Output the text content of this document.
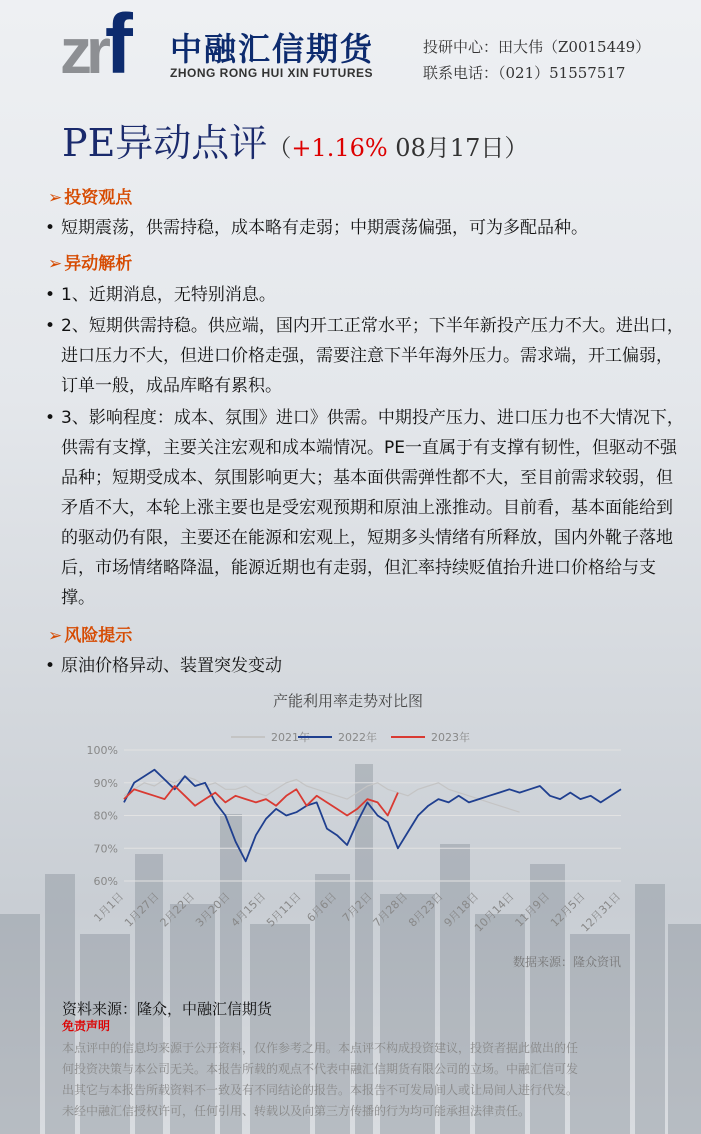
zrf 中融汇信期货
ZHONG RONG HUI XIN FUTURES
投研中心：田大伟（Z0015449）
联系电话：（021）51557517
PE异动点评（+1.16% 08月17日）
➢ 投资观点
• 短期震荡，供需持稳，成本略有走弱；中期震荡偏强，可为多配品种。
➢ 异动解析
• 1、近期消息，无特别消息。
• 2、短期供需持稳。供应端，国内开工正常水平；下半年新投产压力不大。进出口，进口压力不大，但进口价格走强，需要注意下半年海外压力。需求端，开工偏弱，订单一般，成品库略有累积。
• 3、影响程度：成本、氛围》进口》供需。中期投产压力、进口压力也不大情况下，供需有支撑，主要关注宏观和成本端情况。PE一直属于有支撑有韧性，但驱动不强品种；短期受成本、氛围影响更大；基本面供需弹性都不大，至目前需求较弱，但矛盾不大，本轮上涨主要也是受宏观预期和原油上涨推动。目前看，基本面能给到的驱动仍有限，主要还在能源和宏观上，短期多头情绪有所释放，国内外靴子落地后，市场情绪略降温，能源近期也有走弱，但汇率持续贬值抬升进口价格给与支撑。
➢ 风险提示
• 原油价格异动、装置突发变动
产能利用率走势对比图
2021年	2022年	2023年
100%
90%
80%
70%
60%
1月1日
1月27日
2月22日
3月20日
4月15日
5月11日 6月6日 7月2日
7月28日
8月23日
9月18日
10月14日
11月9日
12月5日
12月31日
数据来源：隆众资讯
资料来源：隆众，中融汇信期货
免责声明
本点评中的信息均来源于公开资料，仅作参考之用。本点评不构成投资建议，投资者据此做出的任
何投资决策与本公司无关。本报告所载的观点不代表中融汇信期货有限公司的立场。中融汇信可发
出其它与本报告所载资料不一致及有不同结论的报告。本报告不可发局间人或让局间人进行代发。
未经中融汇信授权许可，任何引用、转载以及向第三方传播的行为均可能承担法律责任。
